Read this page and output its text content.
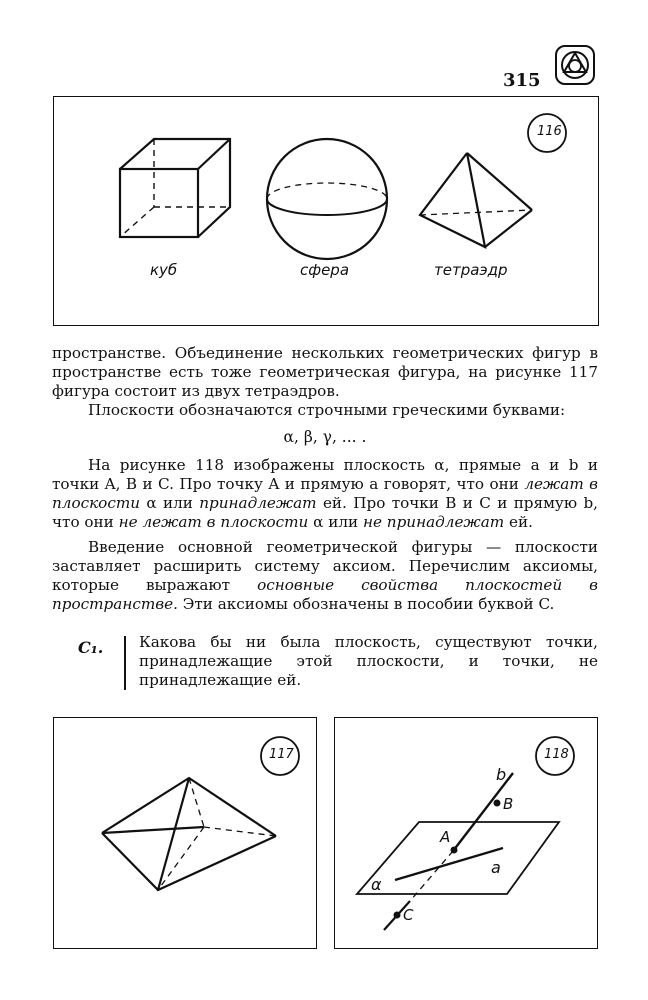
315
116
куб	сфера	тетраэдр

пространстве. Объединение нескольких геометрических фигур в пространстве есть тоже геометрическая фигура, на рисунке 117 фигура состоит из двух тетраэдров.

Плоскости обозначаются строчными греческими буквами:

α, β, γ, ... .

На рисунке 118 изображены плоскость α, прямые a и b и точки A, B и C. Про точку A и прямую a говорят, что они лежат в плоскости α или принадлежат ей. Про точки B и C и прямую b, что они не лежат в плоскости α или не принадлежат ей.

Введение основной геометрической фигуры — плоскости заставляет расширить систему аксиом. Перечислим аксиомы, которые выражают основные свойства плоскостей в пространстве. Эти аксиомы обозначены в пособии буквой C.

C₁. Какова бы ни была плоскость, существуют точки, принадлежащие этой плоскости, и точки, не принадлежащие ей.

117	118
b
B
A
a
α
C
